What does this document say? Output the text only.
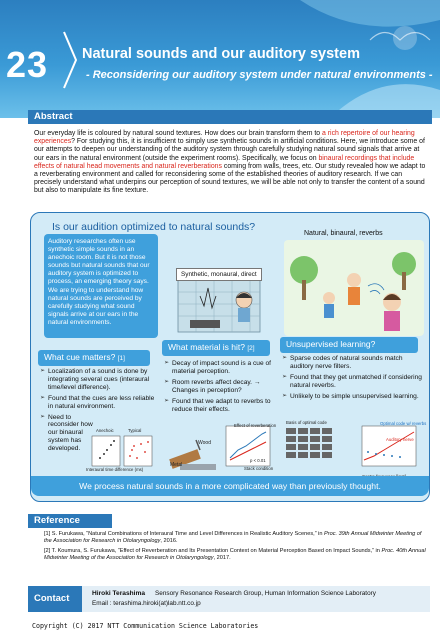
23 Natural sounds and our auditory system
- Reconsidering our auditory system under natural environments -
Abstract
Our everyday life is coloured by natural sound textures. How does our brain transform them to a rich repertoire of our hearing experiences? For studying this, it is insufficient to simply use synthetic sounds in artificial conditions. Here, we introduce some of our attempts to deepen our understanding of the auditory system through carefully studying natural sound signals that arrive at our ears in the natural environment (outside the experiment rooms). Specifically, we focus on binaural recordings that include effects of natural head movements and natural reverberations coming from walls, trees, etc. Our study revealed how we adapt to a reverberating environment and called for reconsidering some of the established theories of auditory research. If we can precisely understand what underpins our perception of sound textures, we will be able not only to transfer the content of a sound but also to manipulate its fine texture.
Is our audition optimized to natural sounds?
Auditory researches often use synthetic simple sounds in an anechoic room. But it is not those sounds but natural sounds that our auditory system is optimized to process, an emerging theory says. We are trying to understand how natural sounds are perceived by carefully studying what sound signals arrive at our ears in the natural environments.
Synthetic, monaural, direct
Natural, binaural, reverbs
What cue matters? [1]
➢ Localization of a sound is done by integrating several cues (interaural time/level difference).
➢ Found that the cues are less reliable in natural environment.
➢ Need to reconsider how our binaural system has developed.
Anechoic	Typical
Interaural time difference (ms)
What material is hit? [2]
➢ Decay of impact sound is a cue of material perception.
➢ Room reverbs affect decay. → Changes in perception?
➢ Found that we adapt to reverbs to reduce their effects.
Effect of reverberation
Wood
Metal
Stack condition
p < 0.01
Unsupervised learning?
➢ Sparse codes of natural sounds match auditory nerve filters.
➢ Found that they get unmatched if considering natural reverbs.
➢ Unlikely to be simple unsupervised learning.
Basis of optimal code	Optimal code w/ reverbs
Auditory nerve
We process natural sounds in a more complicated way than previously thought.
Reference
[1] S. Furukawa, “Natural Combinations of Interaural Time and Level Differences in Realistic Auditory Scenes,” in Proc. 39th Annual Midwinter Meeting of the Association for Research in Otolaryngology, 2016.
[2] T. Koumura, S. Furukawa, “Effect of Reverberation and Its Presentation Context on Material Perception Based on Impact Sounds,” in Proc. 40th Annual Midwinter Meeting of the Association for Research in Otolaryngology, 2017.
Contact	Hiroki Terashima Sensory Resonance Research Group, Human Information Science Laboratory
Email : terashima.hiroki(at)lab.ntt.co.jp
Copyright (C) 2017 NTT Communication Science Laboratories
